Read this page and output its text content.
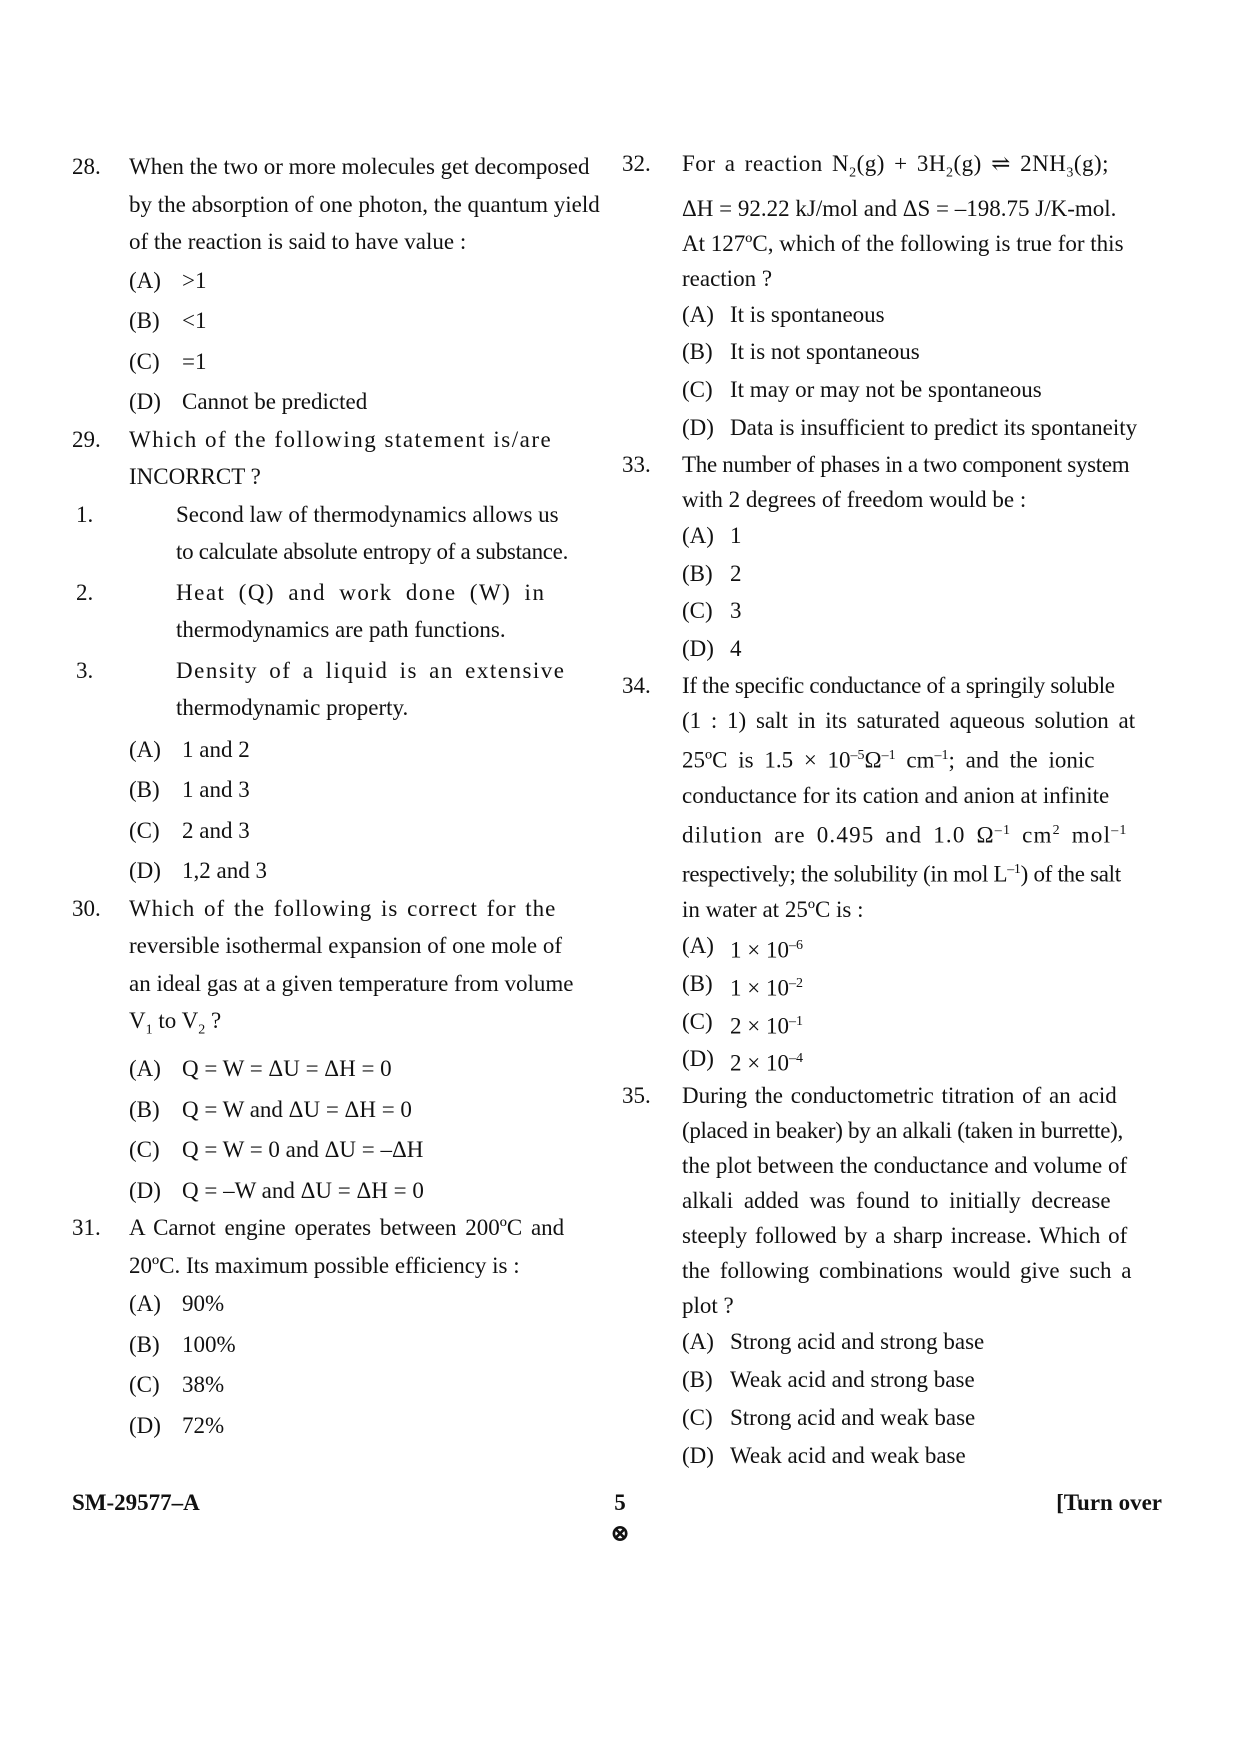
28. When the two or more molecules get decomposed
by the absorption of one photon, the quantum yield
of the reaction is said to have value :
(A) >1
(B) <1
(C) =1
(D) Cannot be predicted
29. Which of the following statement is/are
INCORRCT ?
1.	Second law of thermodynamics allows us
to calculate absolute entropy of a substance.
2.	Heat (Q) and work done (W) in
thermodynamics are path functions.
3.	Density of a liquid is an extensive
thermodynamic property.
(A) 1 and 2
(B) 1 and 3
(C) 2 and 3
(D) 1,2 and 3
30. Which of the following is correct for the
reversible isothermal expansion of one mole of
an ideal gas at a given temperature from volume
$V_1$ to $V_2$ ?
(A) Q = W = ΔU = ΔH = 0
(B) Q = W and ΔU = ΔH = 0
(C) Q = W = 0 and ΔU = –ΔH
(D) Q = –W and ΔU = ΔH = 0
31. A Carnot engine operates between 200ºC and
20ºC. Its maximum possible efficiency is :
(A) 90%
(B) 100%
(C) 38%
(D) 72%
32. For a reaction $N_2(g) + 3H_2(g)$ ⇌ $2NH_3(g)$;
ΔH = 92.22 kJ/mol and ΔS = –198.75 J/K-mol.
At 127ºC, which of the following is true for this
reaction ?
(A) It is spontaneous
(B) It is not spontaneous
(C) It may or may not be spontaneous
(D) Data is insufficient to predict its spontaneity
33. The number of phases in a two component system
with 2 degrees of freedom would be :
(A) 1
(B) 2
(C) 3
(D) 4
34. If the specific conductance of a springily soluble
(1 : 1) salt in its saturated aqueous solution at
25ºC is $1.5 \times 10^{-5}\Omega^{-1}$ $cm^{-1}$; and the ionic
conductance for its cation and anion at infinite
dilution are 0.495 and 1.0 $\Omega^{-1}$ $cm^2$ mol$^{-1}$
respectively; the solubility (in mol $L^{-1}$) of the salt
in water at 25ºC is :
(A) $1 \times 10^{-6}$
(B) $1 \times 10^{-2}$
(C) $2 \times 10^{-1}$
(D) $2 \times 10^{-4}$
35. During the conductometric titration of an acid
(placed in beaker) by an alkali (taken in burrette),
the plot between the conductance and volume of
alkali added was found to initially decrease
steeply followed by a sharp increase. Which of
the following combinations would give such a
plot ?
(A) Strong acid and strong base
(B) Weak acid and strong base
(C) Strong acid and weak base
(D) Weak acid and weak base
SM-29577–A	5	[Turn over
⊗
